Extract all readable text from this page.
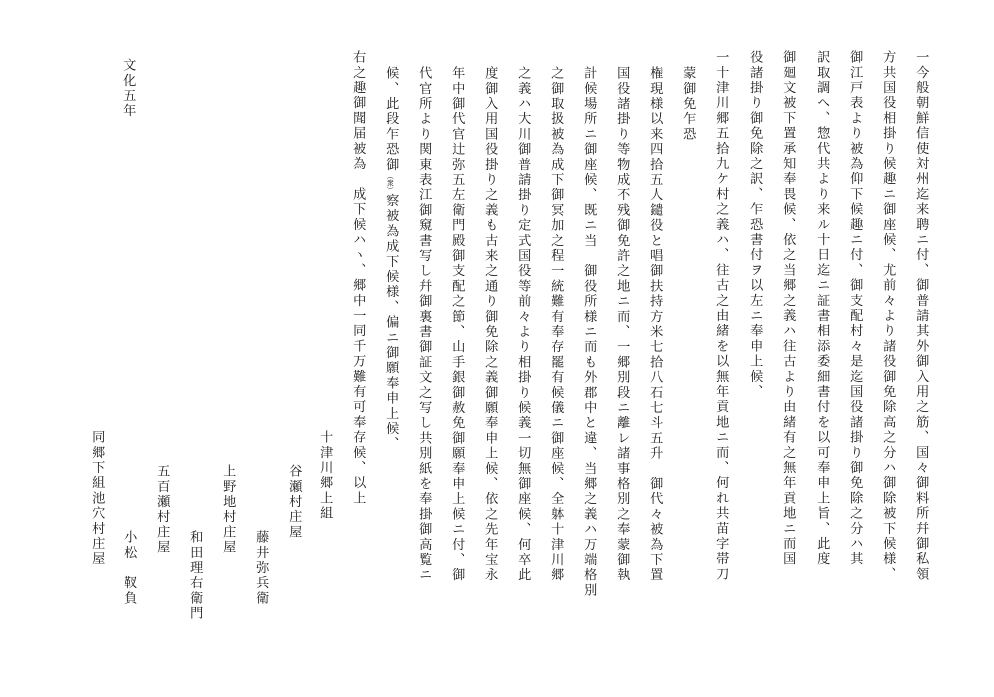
一今般朝鮮信使対州迄来聘ニ付、御普請其外御入用之筋、国々御料所幷御私領
方共国役相掛り候趣ニ御座候、尤前々より諸役御免除高之分ハ御除被下候様、
御江戸表より被為仰下候趣ニ付、御支配村々是迄国役諸掛り御免除之分ハ其
訳取調へ、惣代共より来ル十日迄ニ証書相添委細書付を以可奉申上旨、此度
御廻文被下置承知奉畏候、依之当郷之義ハ往古より由緒有之無年貢地ニ而国
役諸掛り御免除之訳、乍恐書付ヲ以左ニ奉申上候、
一十津川郷五拾九ケ村之義ハ、往古之由緒を以無年貢地ニ而、何れ共苗字帯刀
蒙御免乍恐
権現様以来四拾五人鑓役と唱御扶持方米七拾八石七斗五升　御代々被為下置
国役諸掛り等物成不残御免許之地ニ而、一郷別段ニ離レ諸事格別之奉蒙御執
計候場所ニ御座候、既ニ当　御役所様ニ而も外郡中と違、当郷之義ハ万端格別
之御取扱被為成下御冥加之程一統難有奉存罷有候儀ニ御座候、全躰十津川郷
之義ハ大川御普請掛り定式国役等前々より相掛り候義一切無御座候、何卒此
度御入用国役掛り之義も古来之通り御免除之義御願奉申上候、依之先年宝永
年中御代官辻弥五左衛門殿御支配之節、山手銀御赦免御願奉申上候ニ付、御
代官所より関東表江御窺書写し幷御裏書御証文之写し共別紙を奉掛御高覧ニ
候、此段乍恐御（衆）察被為成下候様、偏ニ御願奉申上候、
右之趣御聞届被為　成下候ハヽ、郷中一同千万難有可奉存候、以上
十津川郷上組
谷瀬村庄屋
藤井弥兵衛
上野地村庄屋
和田理右衛門
五百瀬村庄屋
小松　靫負
同郷下組池穴村庄屋
文化五年
